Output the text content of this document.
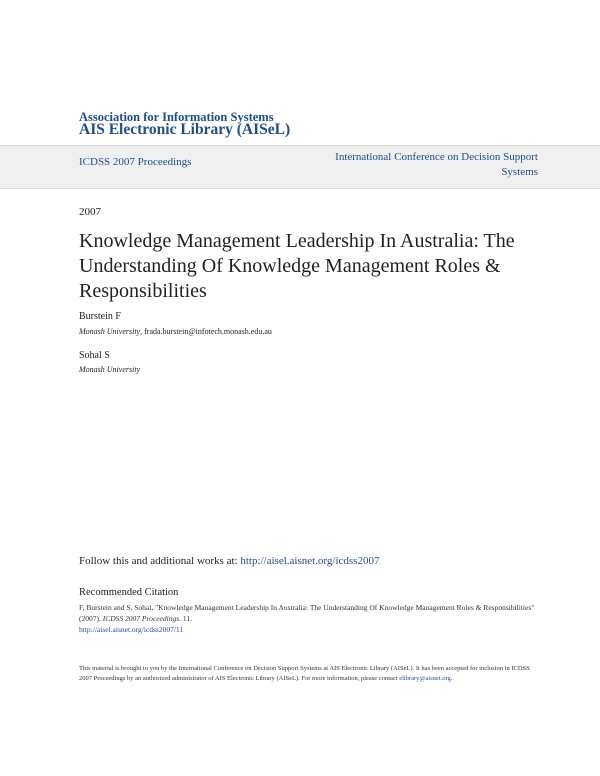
Association for Information Systems
AIS Electronic Library (AISeL)
ICDSS 2007 Proceedings	International Conference on Decision Support Systems
2007
Knowledge Management Leadership In Australia: The Understanding Of Knowledge Management Roles & Responsibilities
Burstein F
Monash University, frada.burstein@infotech.monash.edu.au
Sohal S
Monash University
Follow this and additional works at: http://aisel.aisnet.org/icdss2007
Recommended Citation
F, Burstein and S, Sohal, "Knowledge Management Leadership In Australia: The Understanding Of Knowledge Management Roles & Responsibilities" (2007). ICDSS 2007 Proceedings. 11.
http://aisel.aisnet.org/icdss2007/11
This material is brought to you by the International Conference on Decision Support Systems at AIS Electronic Library (AISeL). It has been accepted for inclusion in ICDSS 2007 Proceedings by an authorized administrator of AIS Electronic Library (AISeL). For more information, please contact elibrary@aisnet.org.
